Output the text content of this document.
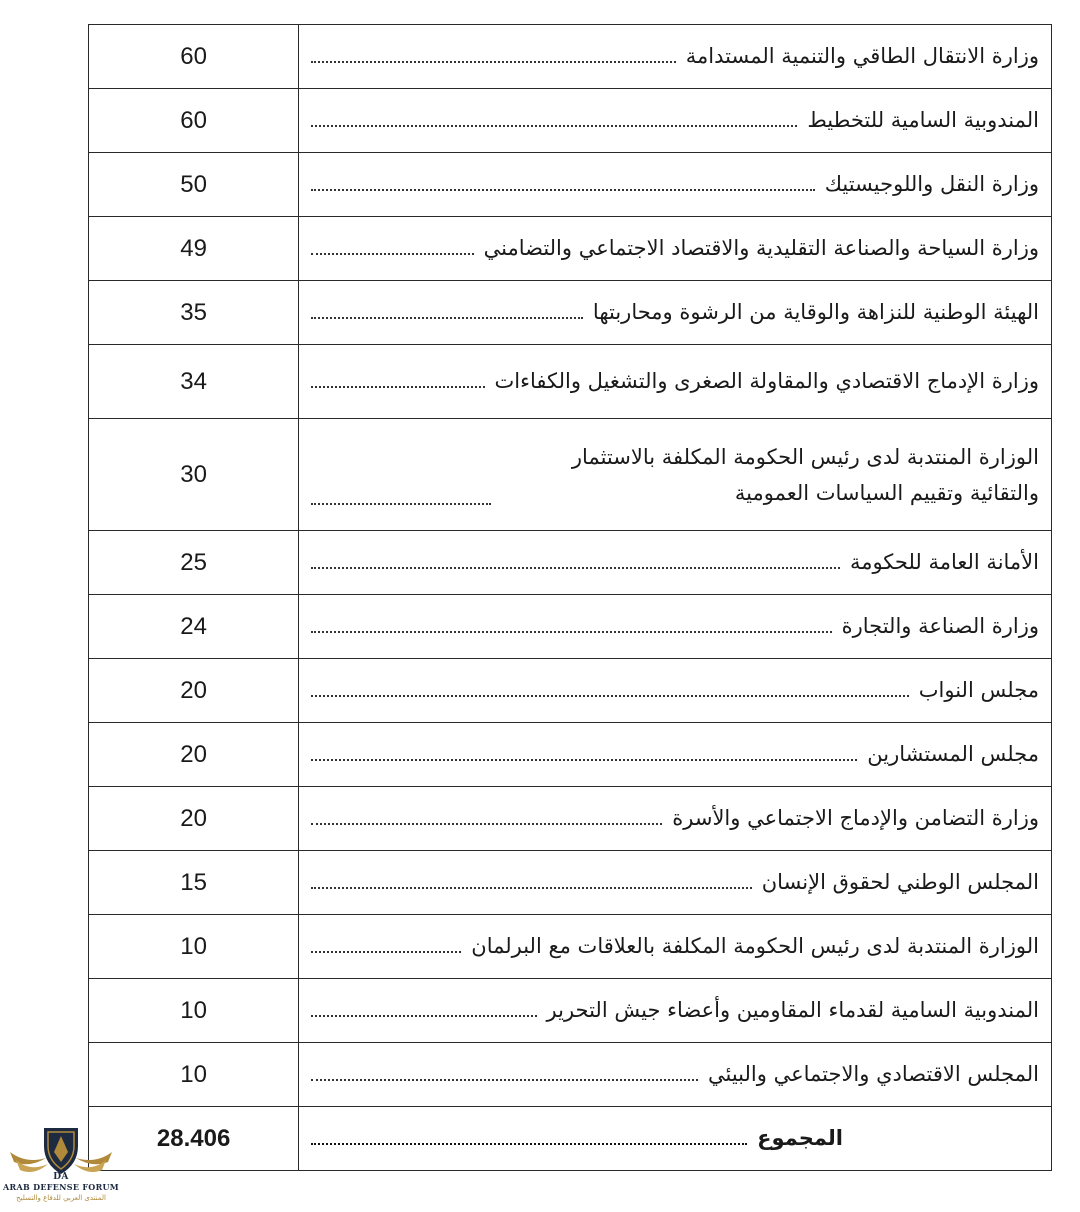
60	وزارة الانتقال الطاقي والتنمية المستدامة

60	المندوبية السامية للتخطيط

50	وزارة النقل واللوجيستيك

49	وزارة السياحة والصناعة التقليدية والاقتصاد الاجتماعي والتضامني

35	الهيئة الوطنية للنزاهة والوقاية من الرشوة ومحاربتها

34	وزارة الإدماج الاقتصادي والمقاولة الصغرى والتشغيل والكفاءات

30	الوزارة المنتدبة لدى رئيس الحكومة المكلفة بالاستثمار والتقائية وتقييم السياسات العمومية

25	الأمانة العامة للحكومة

24	وزارة الصناعة والتجارة

20	مجلس النواب

20	مجلس المستشارين

20	وزارة التضامن والإدماج الاجتماعي والأسرة

15	المجلس الوطني لحقوق الإنسان

10	الوزارة المنتدبة لدى رئيس الحكومة المكلفة بالعلاقات مع البرلمان

10	المندوبية السامية لقدماء المقاومين وأعضاء جيش التحرير

10	المجلس الاقتصادي والاجتماعي والبيئي

28.406	المجموع
DA
ARAB DEFENSE FORUM
المنتدى العربي للدفاع والتسليح
